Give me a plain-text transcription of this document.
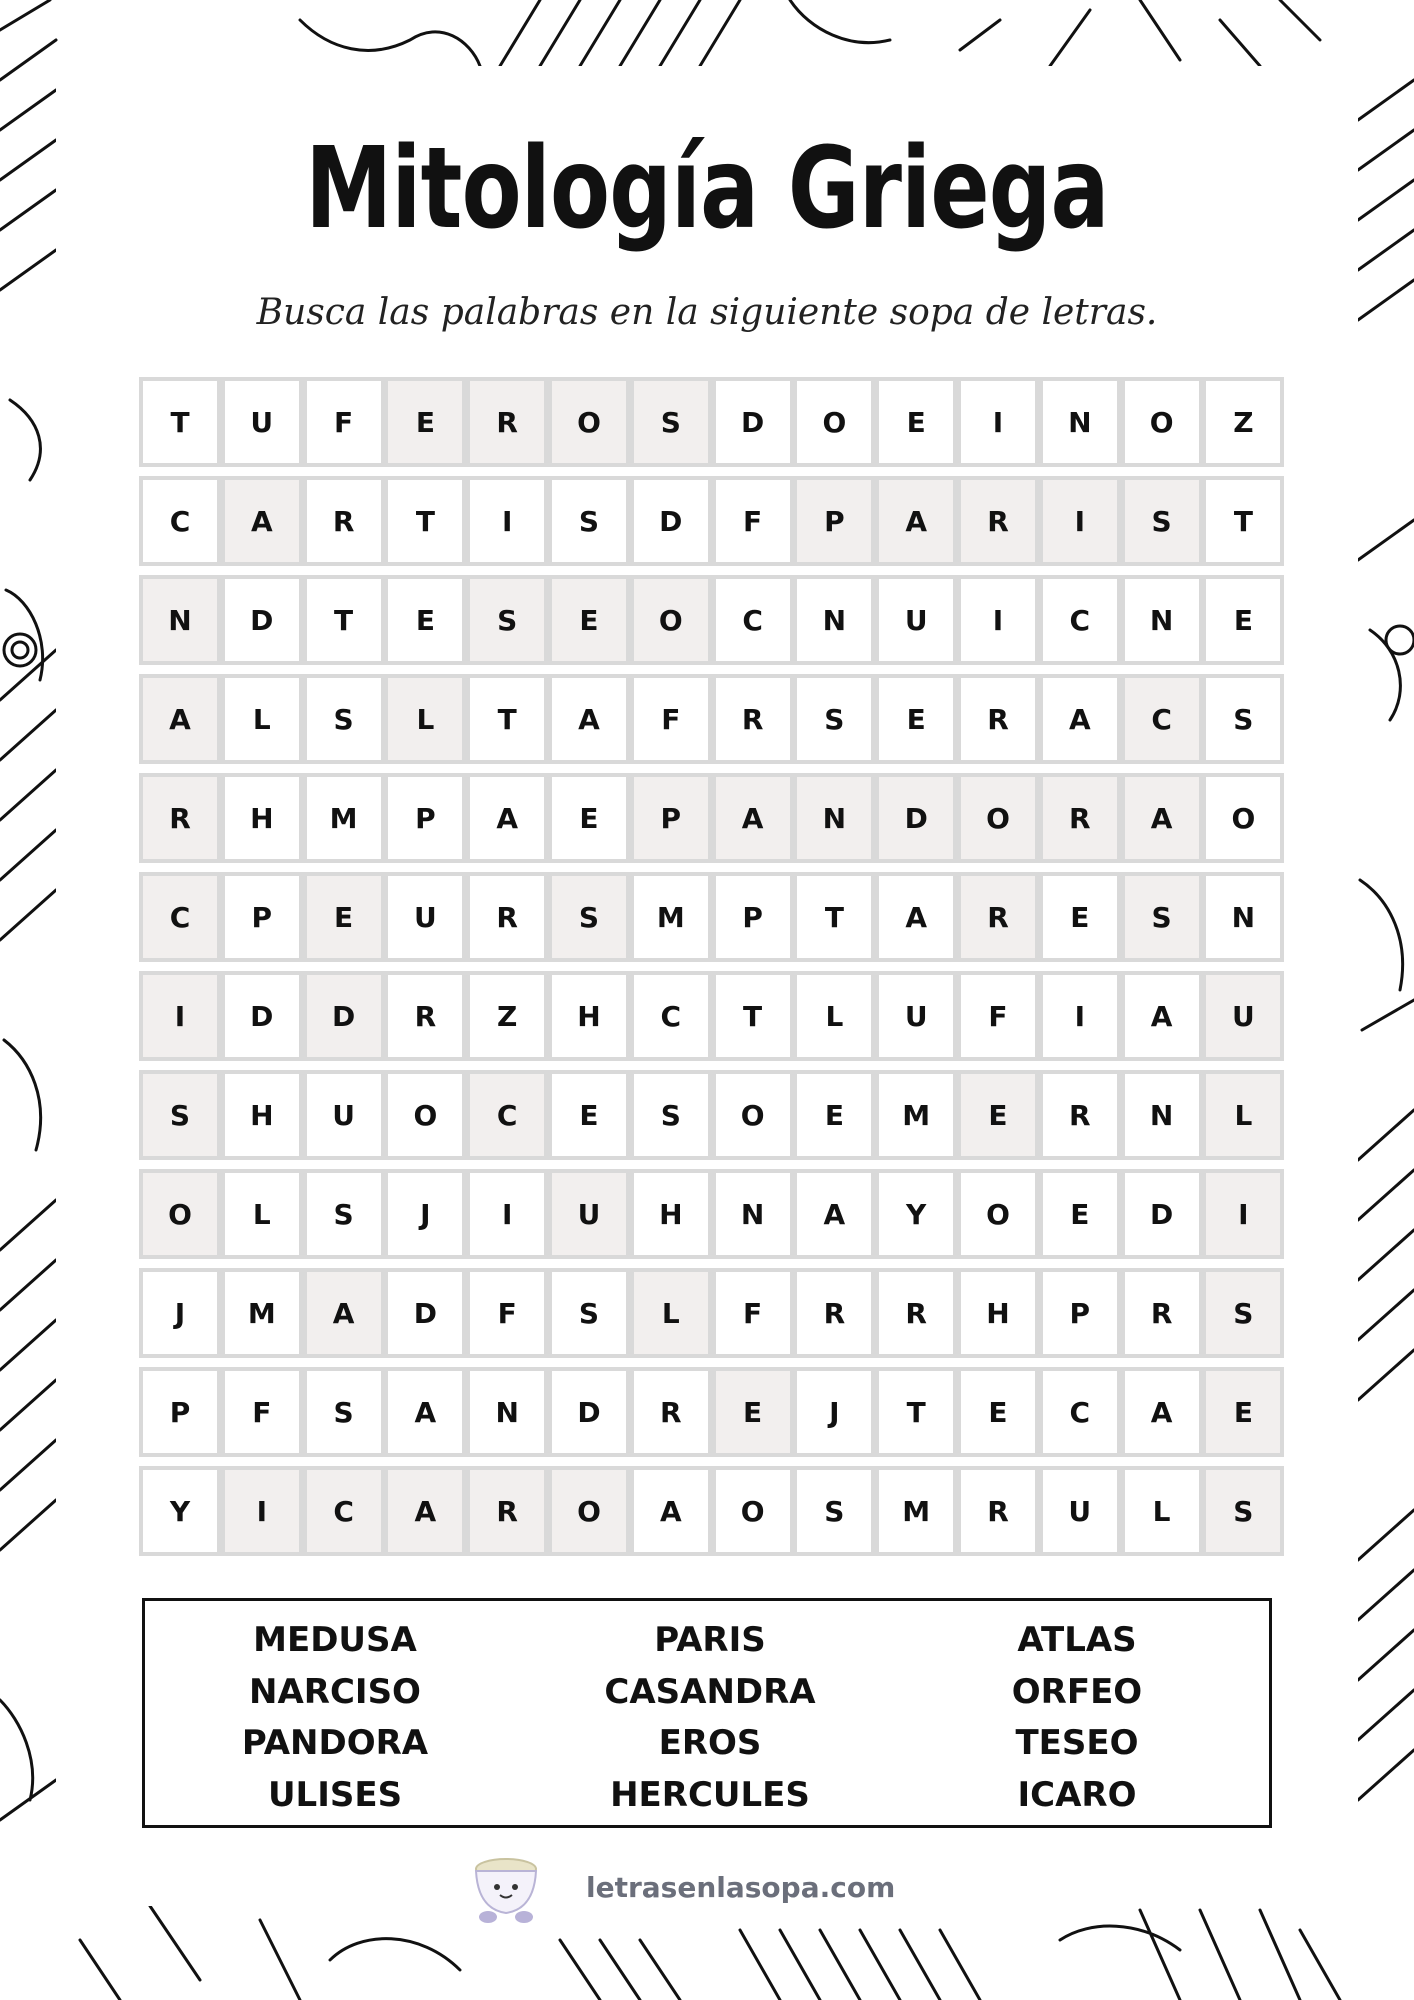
Mitología Griega

Busca las palabras en la siguiente sopa de letras.

T	U	F	E	R	O	S	D	O	E	I	N	O	Z
C	A	R	T	I	S	D	F	P	A	R	I	S	T
N	D	T	E	S	E	O	C	N	U	I	C	N	E
A	L	S	L	T	A	F	R	S	E	R	A	C	S
R	H	M	P	A	E	P	A	N	D	O	R	A	O
C	P	E	U	R	S	M	P	T	A	R	E	S	N
I	D	D	R	Z	H	C	T	L	U	F	I	A	U
S	H	U	O	C	E	S	O	E	M	E	R	N	L
O	L	S	J	I	U	H	N	A	Y	O	E	D	I
J	M	A	D	F	S	L	F	R	R	H	P	R	S
P	F	S	A	N	D	R	E	J	T	E	C	A	E
Y	I	C	A	R	O	A	O	S	M	R	U	L	S
MEDUSA
NARCISO
PANDORA
ULISES
PARIS
CASANDRA
EROS
HERCULES
ATLAS
ORFEO
TESEO
ICARO
letrasenlasopa.com
